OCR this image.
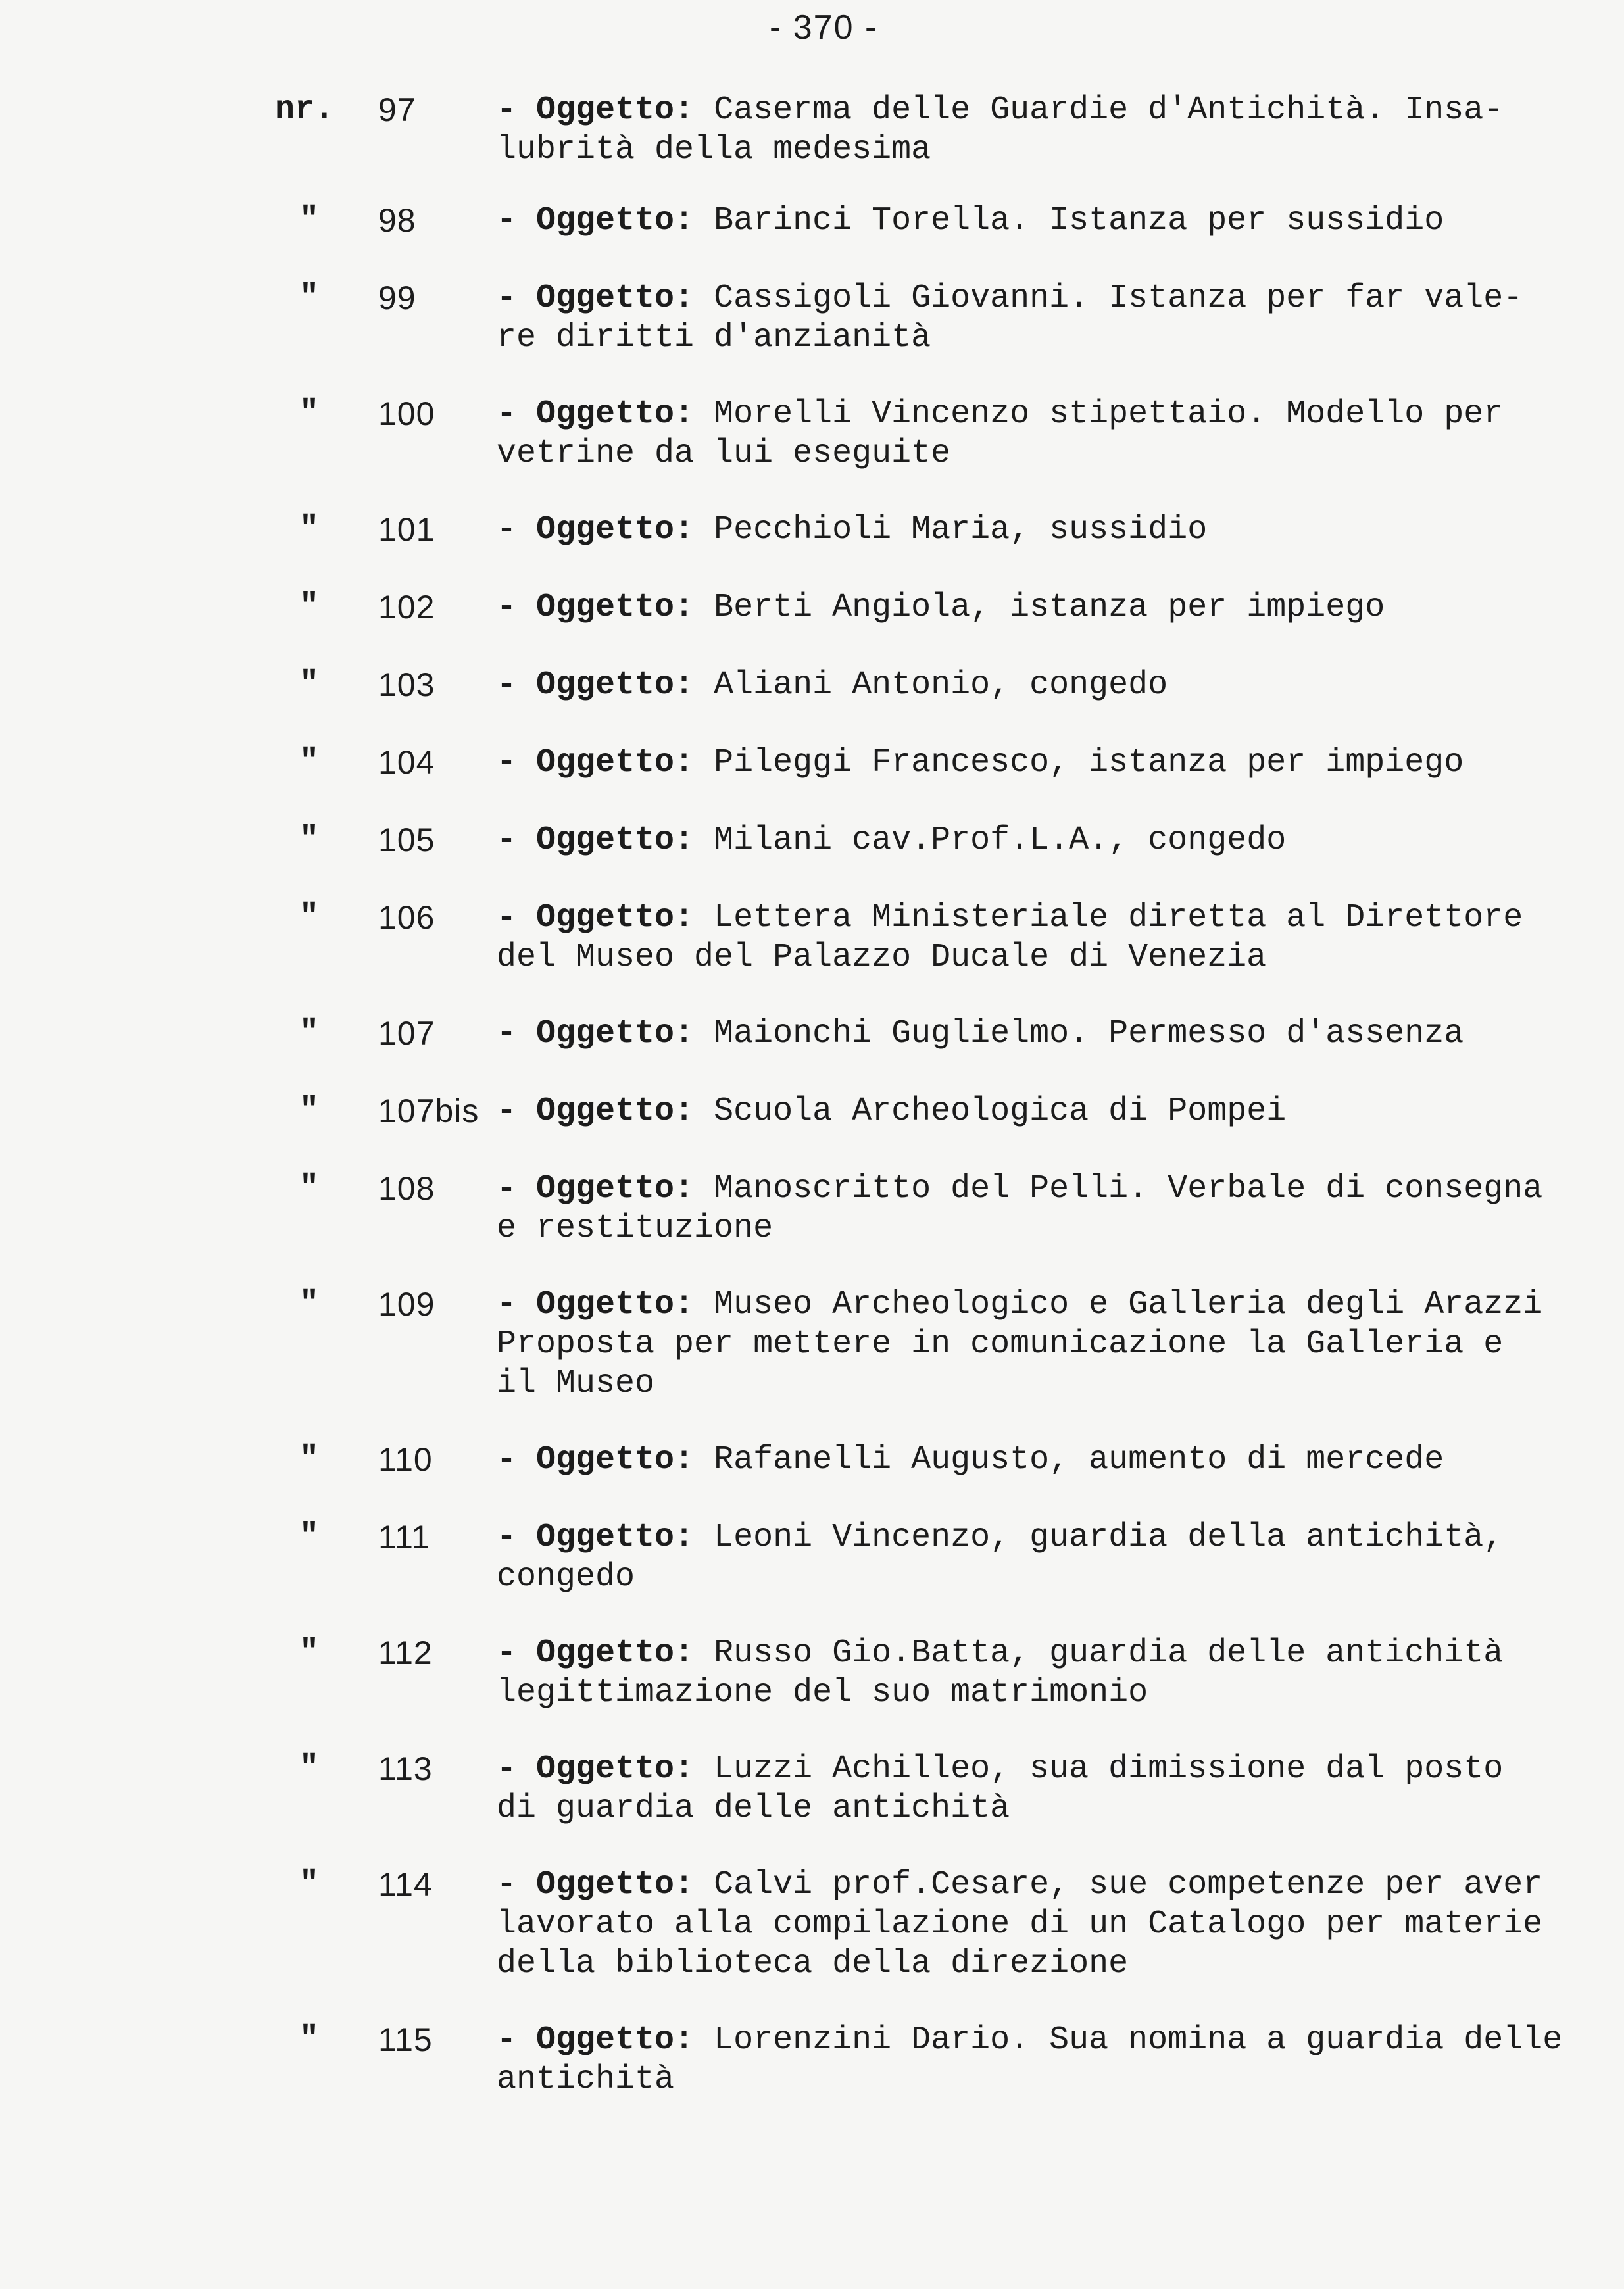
- 370 -
nr. 97 - Oggetto: Caserma delle Guardie d'Antichità. Insa-
lubrità della medesima
" 98 - Oggetto: Barinci Torella. Istanza per sussidio
" 99 - Oggetto: Cassigoli Giovanni. Istanza per far vale-
re diritti d'anzianità
" 100 - Oggetto: Morelli Vincenzo stipettaio. Modello per
vetrine da lui eseguite
" 101 - Oggetto: Pecchioli Maria, sussidio
" 102 - Oggetto: Berti Angiola, istanza per impiego
" 103 - Oggetto: Aliani Antonio, congedo
" 104 - Oggetto: Pileggi Francesco, istanza per impiego
" 105 - Oggetto: Milani cav.Prof.L.A., congedo
" 106 - Oggetto: Lettera Ministeriale diretta al Direttore
del Museo del Palazzo Ducale di Venezia
" 107 - Oggetto: Maionchi Guglielmo. Permesso d'assenza
" 107bis - Oggetto: Scuola Archeologica di Pompei
" 108 - Oggetto: Manoscritto del Pelli. Verbale di consegna
e restituzione
" 109 - Oggetto: Museo Archeologico e Galleria degli Arazzi
Proposta per mettere in comunicazione la Galleria e
il Museo
" 110 - Oggetto: Rafanelli Augusto, aumento di mercede
" 111 - Oggetto: Leoni Vincenzo, guardia della antichità,
congedo
" 112 - Oggetto: Russo Gio.Batta, guardia delle antichità
legittimazione del suo matrimonio
" 113 - Oggetto: Luzzi Achilleo, sua dimissione dal posto
di guardia delle antichità
" 114 - Oggetto: Calvi prof.Cesare, sue competenze per aver
lavorato alla compilazione di un Catalogo per materie
della biblioteca della direzione
" 115 - Oggetto: Lorenzini Dario. Sua nomina a guardia delle
antichità
